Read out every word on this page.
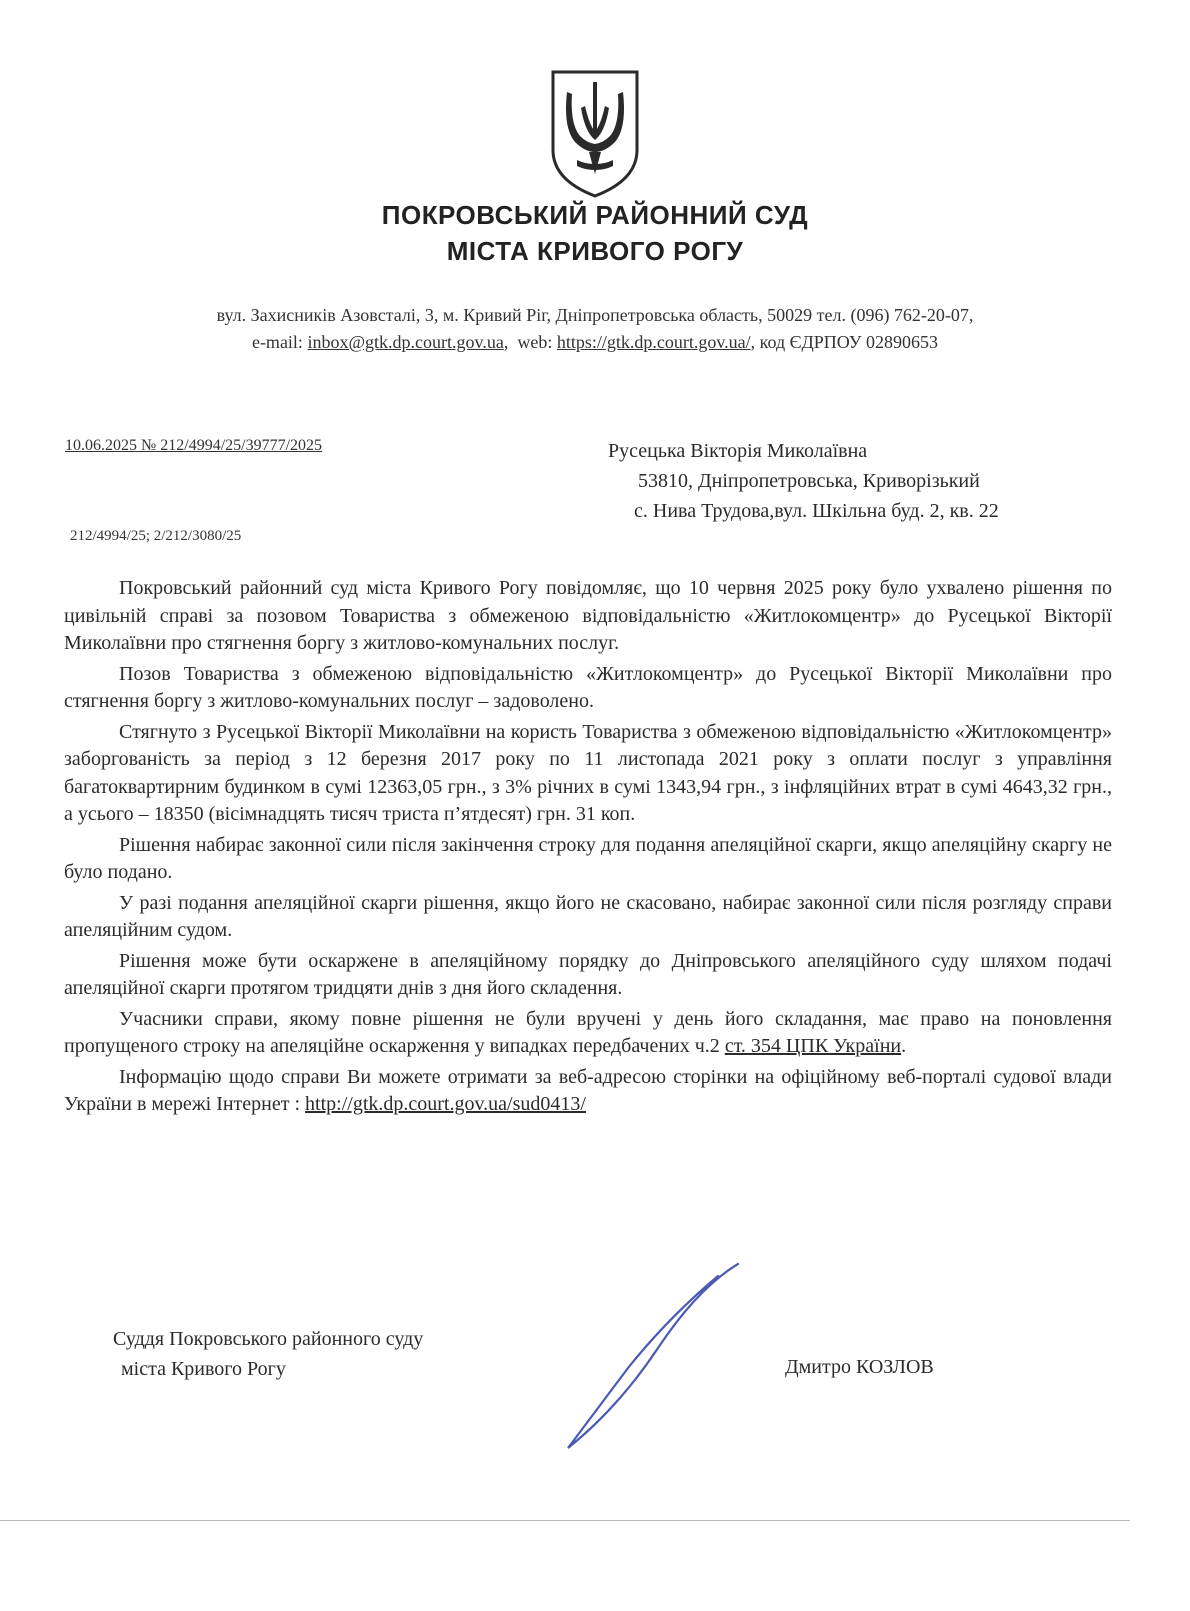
ПОКРОВСЬКИЙ РАЙОННИЙ СУД
МІСТА КРИВОГО РОГУ
вул. Захисників Азовсталі, 3, м. Кривий Ріг, Дніпропетровська область, 50029 тел. (096) 762-20-07,
e-mail: inbox@gtk.dp.court.gov.ua,  web: https://gtk.dp.court.gov.ua/, код ЄДРПОУ 02890653
10.06.2025 № 212/4994/25/39777/2025
212/4994/25; 2/212/3080/25
Русецька Вікторія Миколаївна
53810, Дніпропетровська, Криворізький
с. Нива Трудова,вул. Шкільна буд. 2, кв. 22

Покровський районний суд міста Кривого Рогу повідомляє, що 10 червня 2025 року було ухвалено рішення по цивільній справі за позовом Товариства з обмеженою відповідальністю «Житлокомцентр» до Русецької Вікторії Миколаївни про стягнення боргу з житлово-комунальних послуг.

Позов Товариства з обмеженою відповідальністю «Житлокомцентр» до Русецької Вікторії Миколаївни про стягнення боргу з житлово-комунальних послуг – задоволено.

Стягнуто з Русецької Вікторії Миколаївни на користь Товариства з обмеженою відповідальністю «Житлокомцентр» заборгованість за період з 12 березня 2017 року по 11 листопада 2021 року з оплати послуг з управління багатоквартирним будинком в сумі 12363,05 грн., з 3% річних в сумі 1343,94 грн., з інфляційних втрат в сумі 4643,32 грн., а усього – 18350 (вісімнадцять тисяч триста п’ятдесят) грн. 31 коп.

Рішення набирає законної сили після закінчення строку для подання апеляційної скарги, якщо апеляційну скаргу не було подано.

У разі подання апеляційної скарги рішення, якщо його не скасовано, набирає законної сили після розгляду справи апеляційним судом.

Рішення може бути оскаржене в апеляційному порядку до Дніпровського апеляційного суду шляхом подачі апеляційної скарги протягом тридцяти днів з дня його складення.

Учасники справи, якому повне рішення не були вручені у день його складання, має право на поновлення пропущеного строку на апеляційне оскарження у випадках передбачених ч.2 ст. 354 ЦПК України.

Інформацію щодо справи Ви можете отримати за веб-адресою сторінки на офіційному веб-порталі судової влади України в мережі Інтернет : http://gtk.dp.court.gov.ua/sud0413/

Суддя Покровського районного суду
міста Кривого Рогу	Дмитро КОЗЛОВ
